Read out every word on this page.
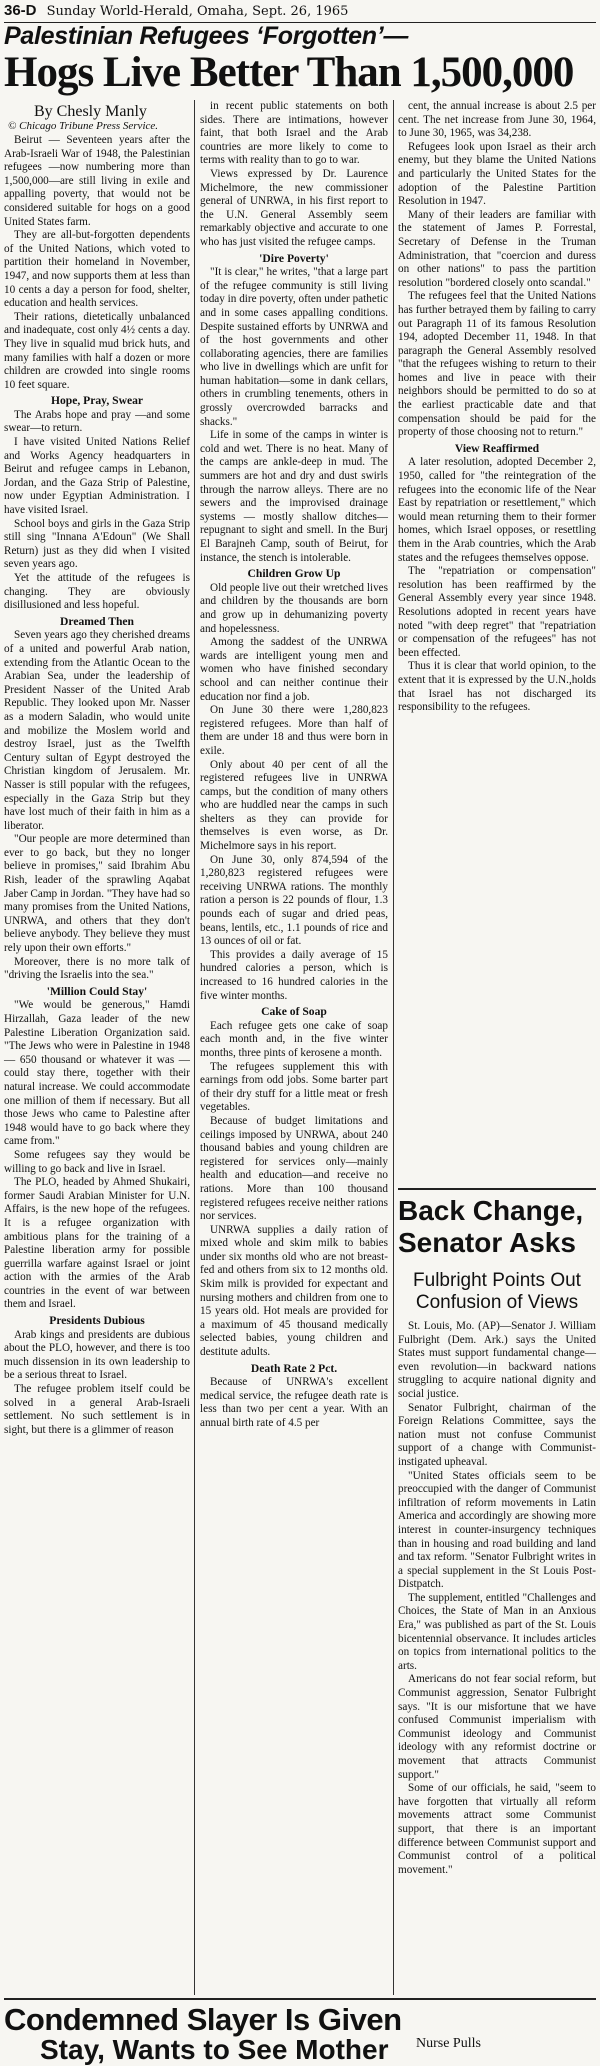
36-D Sunday World-Herald, Omaha, Sept. 26, 1965
Palestinian Refugees ‘Forgotten’—
Hogs Live Better Than 1,500,000
By Chesly Manly
© Chicago Tribune Press Service.

Beirut — Seventeen years after the Arab-Israeli War of 1948, the Palestinian refugees —now numbering more than 1,500,000—are still living in exile and appalling poverty, that would not be considered suitable for hogs on a good United States farm.

They are all-but-forgotten dependents of the United Nations, which voted to partition their homeland in November, 1947, and now supports them at less than 10 cents a day a person for food, shelter, education and health services.

Their rations, dietetically unbalanced and inadequate, cost only 4½ cents a day. They live in squalid mud brick huts, and many families with half a dozen or more children are crowded into single rooms 10 feet square.

Hope, Pray, Swear

The Arabs hope and pray —and some swear—to return.

I have visited United Nations Relief and Works Agency headquarters in Beirut and refugee camps in Lebanon, Jordan, and the Gaza Strip of Palestine, now under Egyptian Administration. I have visited Israel.

School boys and girls in the Gaza Strip still sing "Innana A'Edoun" (We Shall Return) just as they did when I visited seven years ago.

Yet the attitude of the refugees is changing. They are obviously disillusioned and less hopeful.

Dreamed Then

Seven years ago they cherished dreams of a united and powerful Arab nation, extending from the Atlantic Ocean to the Arabian Sea, under the leadership of President Nasser of the United Arab Republic. They looked upon Mr. Nasser as a modern Saladin, who would unite and mobilize the Moslem world and destroy Israel, just as the Twelfth Century sultan of Egypt destroyed the Christian kingdom of Jerusalem. Mr. Nasser is still popular with the refugees, especially in the Gaza Strip but they have lost much of their faith in him as a liberator.

"Our people are more determined than ever to go back, but they no longer believe in promises," said Ibrahim Abu Rish, leader of the sprawling Aqabat Jaber Camp in Jordan. "They have had so many promises from the United Nations, UNRWA, and others that they don't believe anybody. They believe they must rely upon their own efforts."

Moreover, there is no more talk of "driving the Israelis into the sea."

'Million Could Stay'

"We would be generous," Hamdi Hirzallah, Gaza leader of the new Palestine Liberation Organization said. "The Jews who were in Palestine in 1948 — 650 thousand or whatever it was — could stay there, together with their natural increase. We could accommodate one million of them if necessary. But all those Jews who came to Palestine after 1948 would have to go back where they came from."

Some refugees say they would be willing to go back and live in Israel.

The PLO, headed by Ahmed Shukairi, former Saudi Arabian Minister for U.N. Affairs, is the new hope of the refugees. It is a refugee organization with ambitious plans for the training of a Palestine liberation army for possible guerrilla warfare against Israel or joint action with the armies of the Arab countries in the event of war between them and Israel.

Presidents Dubious

Arab kings and presidents are dubious about the PLO, however, and there is too much dissension in its own leadership to be a serious threat to Israel.

The refugee problem itself could be solved in a general Arab-Israeli settlement. No such settlement is in sight, but there is a glimmer of reason

in recent public statements on both sides. There are intimations, however faint, that both Israel and the Arab countries are more likely to come to terms with reality than to go to war.

Views expressed by Dr. Laurence Michelmore, the new commissioner general of UNRWA, in his first report to the U.N. General Assembly seem remarkably objective and accurate to one who has just visited the refugee camps.

'Dire Poverty'

"It is clear," he writes, "that a large part of the refugee community is still living today in dire poverty, often under pathetic and in some cases appalling conditions. Despite sustained efforts by UNRWA and of the host governments and other collaborating agencies, there are families who live in dwellings which are unfit for human habitation—some in dank cellars, others in crumbling tenements, others in grossly overcrowded barracks and shacks."

Life in some of the camps in winter is cold and wet. There is no heat. Many of the camps are ankle-deep in mud. The summers are hot and dry and dust swirls through the narrow alleys. There are no sewers and the improvised drainage systems — mostly shallow ditches—repugnant to sight and smell. In the Burj El Barajneh Camp, south of Beirut, for instance, the stench is intolerable.

Children Grow Up

Old people live out their wretched lives and children by the thousands are born and grow up in dehumanizing poverty and hopelessness.

Among the saddest of the UNRWA wards are intelligent young men and women who have finished secondary school and can neither continue their education nor find a job.

On June 30 there were 1,280,823 registered refugees. More than half of them are under 18 and thus were born in exile.

Only about 40 per cent of all the registered refugees live in UNRWA camps, but the condition of many others who are huddled near the camps in such shelters as they can provide for themselves is even worse, as Dr. Michelmore says in his report.

On June 30, only 874,594 of the 1,280,823 registered refugees were receiving UNRWA rations. The monthly ration a person is 22 pounds of flour, 1.3 pounds each of sugar and dried peas, beans, lentils, etc., 1.1 pounds of rice and 13 ounces of oil or fat.

This provides a daily average of 15 hundred calories a person, which is increased to 16 hundred calories in the five winter months.

Cake of Soap

Each refugee gets one cake of soap each month and, in the five winter months, three pints of kerosene a month.

The refugees supplement this with earnings from odd jobs. Some barter part of their dry stuff for a little meat or fresh vegetables.

Because of budget limitations and ceilings imposed by UNRWA, about 240 thousand babies and young children are registered for services only—mainly health and education—and receive no rations. More than 100 thousand registered refugees receive neither rations nor services.

UNRWA supplies a daily ration of mixed whole and skim milk to babies under six months old who are not breast-fed and others from six to 12 months old. Skim milk is provided for expectant and nursing mothers and children from one to 15 years old. Hot meals are provided for a maximum of 45 thousand medically selected babies, young children and destitute adults.

Death Rate 2 Pct.

Because of UNRWA's excellent medical service, the refugee death rate is less than two per cent a year. With an annual birth rate of 4.5 per

cent, the annual increase is about 2.5 per cent. The net increase from June 30, 1964, to June 30, 1965, was 34,238.

Refugees look upon Israel as their arch enemy, but they blame the United Nations and particularly the United States for the adoption of the Palestine Partition Resolution in 1947.

Many of their leaders are familiar with the statement of James P. Forrestal, Secretary of Defense in the Truman Administration, that "coercion and duress on other nations" to pass the partition resolution "bordered closely onto scandal."

The refugees feel that the United Nations has further betrayed them by failing to carry out Paragraph 11 of its famous Resolution 194, adopted December 11, 1948. In that paragraph the General Assembly resolved "that the refugees wishing to return to their homes and live in peace with their neighbors should be permitted to do so at the earliest practicable date and that compensation should be paid for the property of those choosing not to return."

View Reaffirmed

A later resolution, adopted December 2, 1950, called for "the reintegration of the refugees into the economic life of the Near East by repatriation or resettlement," which would mean returning them to their former homes, which Israel opposes, or resettling them in the Arab countries, which the Arab states and the refugees themselves oppose.

The "repatriation or compensation" resolution has been reaffirmed by the General Assembly every year since 1948. Resolutions adopted in recent years have noted "with deep regret" that "repatriation or compensation of the refugees" has not been effected.

Thus it is clear that world opinion, to the extent that it is expressed by the U.N.,holds that Israel has not discharged its responsibility to the refugees.

Back Change, Senator Asks
Fulbright Points Out Confusion of Views

St. Louis, Mo. (AP)—Senator J. William Fulbright (Dem. Ark.) says the United States must support fundamental change—even revolution—in backward nations struggling to acquire national dignity and social justice.

Senator Fulbright, chairman of the Foreign Relations Committee, says the nation must not confuse Communist support of a change with Communist-instigated upheaval.

"United States officials seem to be preoccupied with the danger of Communist infiltration of reform movements in Latin America and accordingly are showing more interest in counter-insurgency techniques than in housing and road building and land and tax reform. "Senator Fulbright writes in a special supplement in the St Louis Post-Distpatch.

The supplement, entitled "Challenges and Choices, the State of Man in an Anxious Era," was published as part of the St. Louis bicentennial observance. It includes articles on topics from international politics to the arts.

Americans do not fear social reform, but Communist aggression, Senator Fulbright says. "It is our misfortune that we have confused Communist imperialism with Communist ideology and Communist ideology with any reformist doctrine or movement that attracts Communist support."

Some of our officials, he said, "seem to have forgotten that virtually all reform movements attract some Communist support, that there is an important difference between Communist support and Communist control of a political movement."

Condemned Slayer Is Given
Stay, Wants to See Mother	Nurse Pulls
